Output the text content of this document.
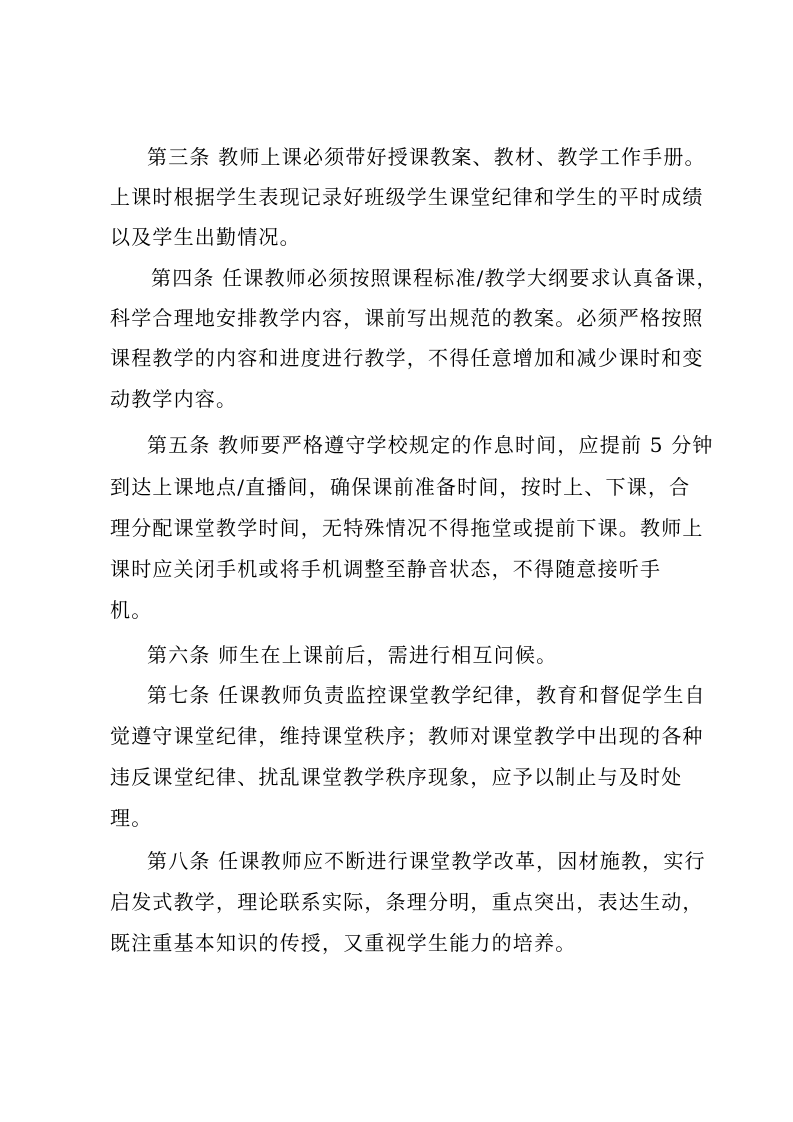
第三条 教师上课必须带好授课教案、教材、教学工作手册。
上课时根据学生表现记录好班级学生课堂纪律和学生的平时成绩
以及学生出勤情况。
第四条 任课教师必须按照课程标准/教学大纲要求认真备课，
科学合理地安排教学内容，课前写出规范的教案。必须严格按照
课程教学的内容和进度进行教学，不得任意增加和减少课时和变
动教学内容。
第五条 教师要严格遵守学校规定的作息时间，应提前 5 分钟
到达上课地点/直播间，确保课前准备时间，按时上、下课，合
理分配课堂教学时间，无特殊情况不得拖堂或提前下课。教师上
课时应关闭手机或将手机调整至静音状态，不得随意接听手
机。
第六条 师生在上课前后，需进行相互问候。
第七条 任课教师负责监控课堂教学纪律，教育和督促学生自
觉遵守课堂纪律，维持课堂秩序；教师对课堂教学中出现的各种
违反课堂纪律、扰乱课堂教学秩序现象，应予以制止与及时处
理。
第八条 任课教师应不断进行课堂教学改革，因材施教，实行
启发式教学，理论联系实际，条理分明，重点突出，表达生动，
既注重基本知识的传授，又重视学生能力的培养。
